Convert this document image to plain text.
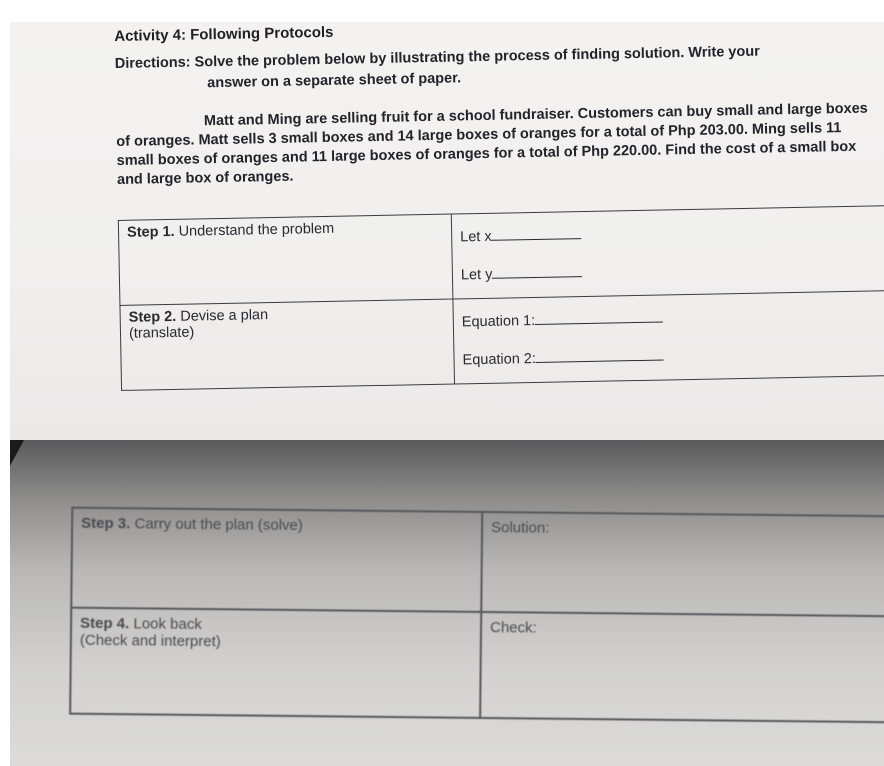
Activity 4: Following Protocols
Directions: Solve the problem below by illustrating the process of finding solution. Write your
answer on a separate sheet of paper.
Matt and Ming are selling fruit for a school fundraiser. Customers can buy small and large boxes of oranges. Matt sells 3 small boxes and 14 large boxes of oranges for a total of Php 203.00. Ming sells 11 small boxes of oranges and 11 large boxes of oranges for a total of Php 220.00. Find the cost of a small box and large box of oranges.
Step 1. Understand the problem	Let x
Let y

Step 2. Devise a plan
(translate)	Equation 1:
Equation 2:
Step 3. Carry out the plan (solve)	Solution:
Step 4. Look back
(Check and interpret)	Check:
